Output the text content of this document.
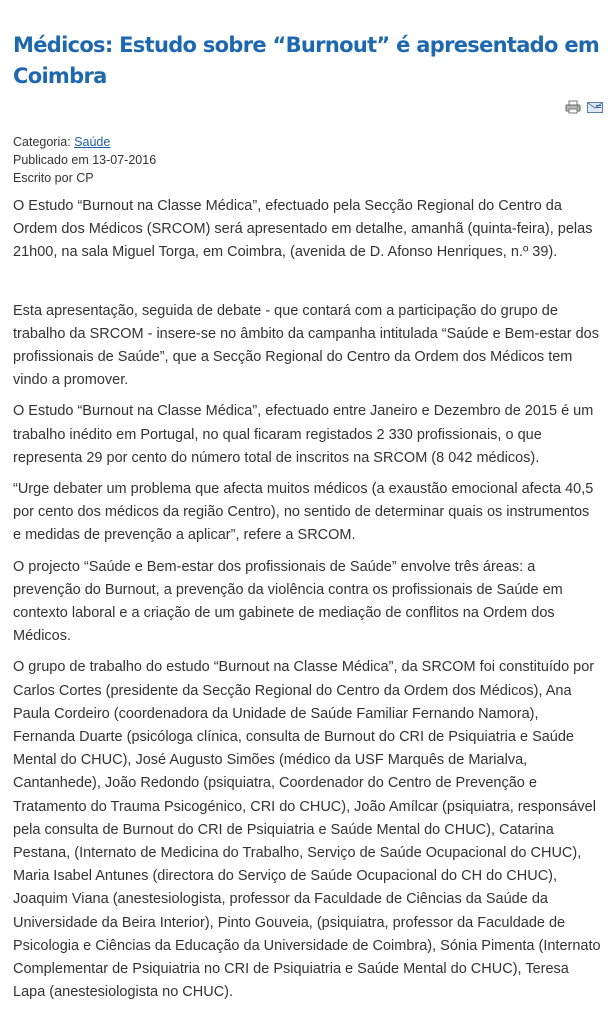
Médicos: Estudo sobre “Burnout” é apresentado em Coimbra
Categoria: Saúde
Publicado em 13-07-2016
Escrito por CP

O Estudo “Burnout na Classe Médica”, efectuado pela Secção Regional do Centro da Ordem dos Médicos (SRCOM) será apresentado em detalhe, amanhã (quinta-feira), pelas 21h00, na sala Miguel Torga, em Coimbra, (avenida de D. Afonso Henriques, n.º 39).

Esta apresentação, seguida de debate - que contará com a participação do grupo de trabalho da SRCOM - insere-se no âmbito da campanha intitulada “Saúde e Bem-estar dos profissionais de Saúde”, que a Secção Regional do Centro da Ordem dos Médicos tem vindo a promover.

O Estudo “Burnout na Classe Médica”, efectuado entre Janeiro e Dezembro de 2015 é um trabalho inédito em Portugal, no qual ficaram registados 2 330 profissionais, o que representa 29 por cento do número total de inscritos na SRCOM (8 042 médicos).

“Urge debater um problema que afecta muitos médicos (a exaustão emocional afecta 40,5 por cento dos médicos da região Centro), no sentido de determinar quais os instrumentos e medidas de prevenção a aplicar”, refere a SRCOM.

O projecto “Saúde e Bem-estar dos profissionais de Saúde” envolve três áreas: a prevenção do Burnout, a prevenção da violência contra os profissionais de Saúde em contexto laboral e a criação de um gabinete de mediação de conflitos na Ordem dos Médicos.

O grupo de trabalho do estudo “Burnout na Classe Médica”, da SRCOM foi constituído por Carlos Cortes (presidente da Secção Regional do Centro da Ordem dos Médicos), Ana Paula Cordeiro (coordenadora da Unidade de Saúde Familiar Fernando Namora), Fernanda Duarte (psicóloga clínica, consulta de Burnout do CRI de Psiquiatria e Saúde Mental do CHUC), José Augusto Simões (médico da USF Marquês de Marialva, Cantanhede), João Redondo (psiquiatra, Coordenador do Centro de Prevenção e Tratamento do Trauma Psicogénico, CRI do CHUC), João Amílcar (psiquiatra, responsável pela consulta de Burnout do CRI de Psiquiatria e Saúde Mental do CHUC), Catarina Pestana, (Internato de Medicina do Trabalho, Serviço de Saúde Ocupacional do CHUC), Maria Isabel Antunes (directora do Serviço de Saúde Ocupacional do CH do CHUC), Joaquim Viana (anestesiologista, professor da Faculdade de Ciências da Saúde da Universidade da Beira Interior), Pinto Gouveia, (psiquiatra, professor da Faculdade de Psicologia e Ciências da Educação da Universidade de Coimbra), Sónia Pimenta (Internato Complementar de Psiquiatria no CRI de Psiquiatria e Saúde Mental do CHUC), Teresa Lapa (anestesiologista no CHUC).
